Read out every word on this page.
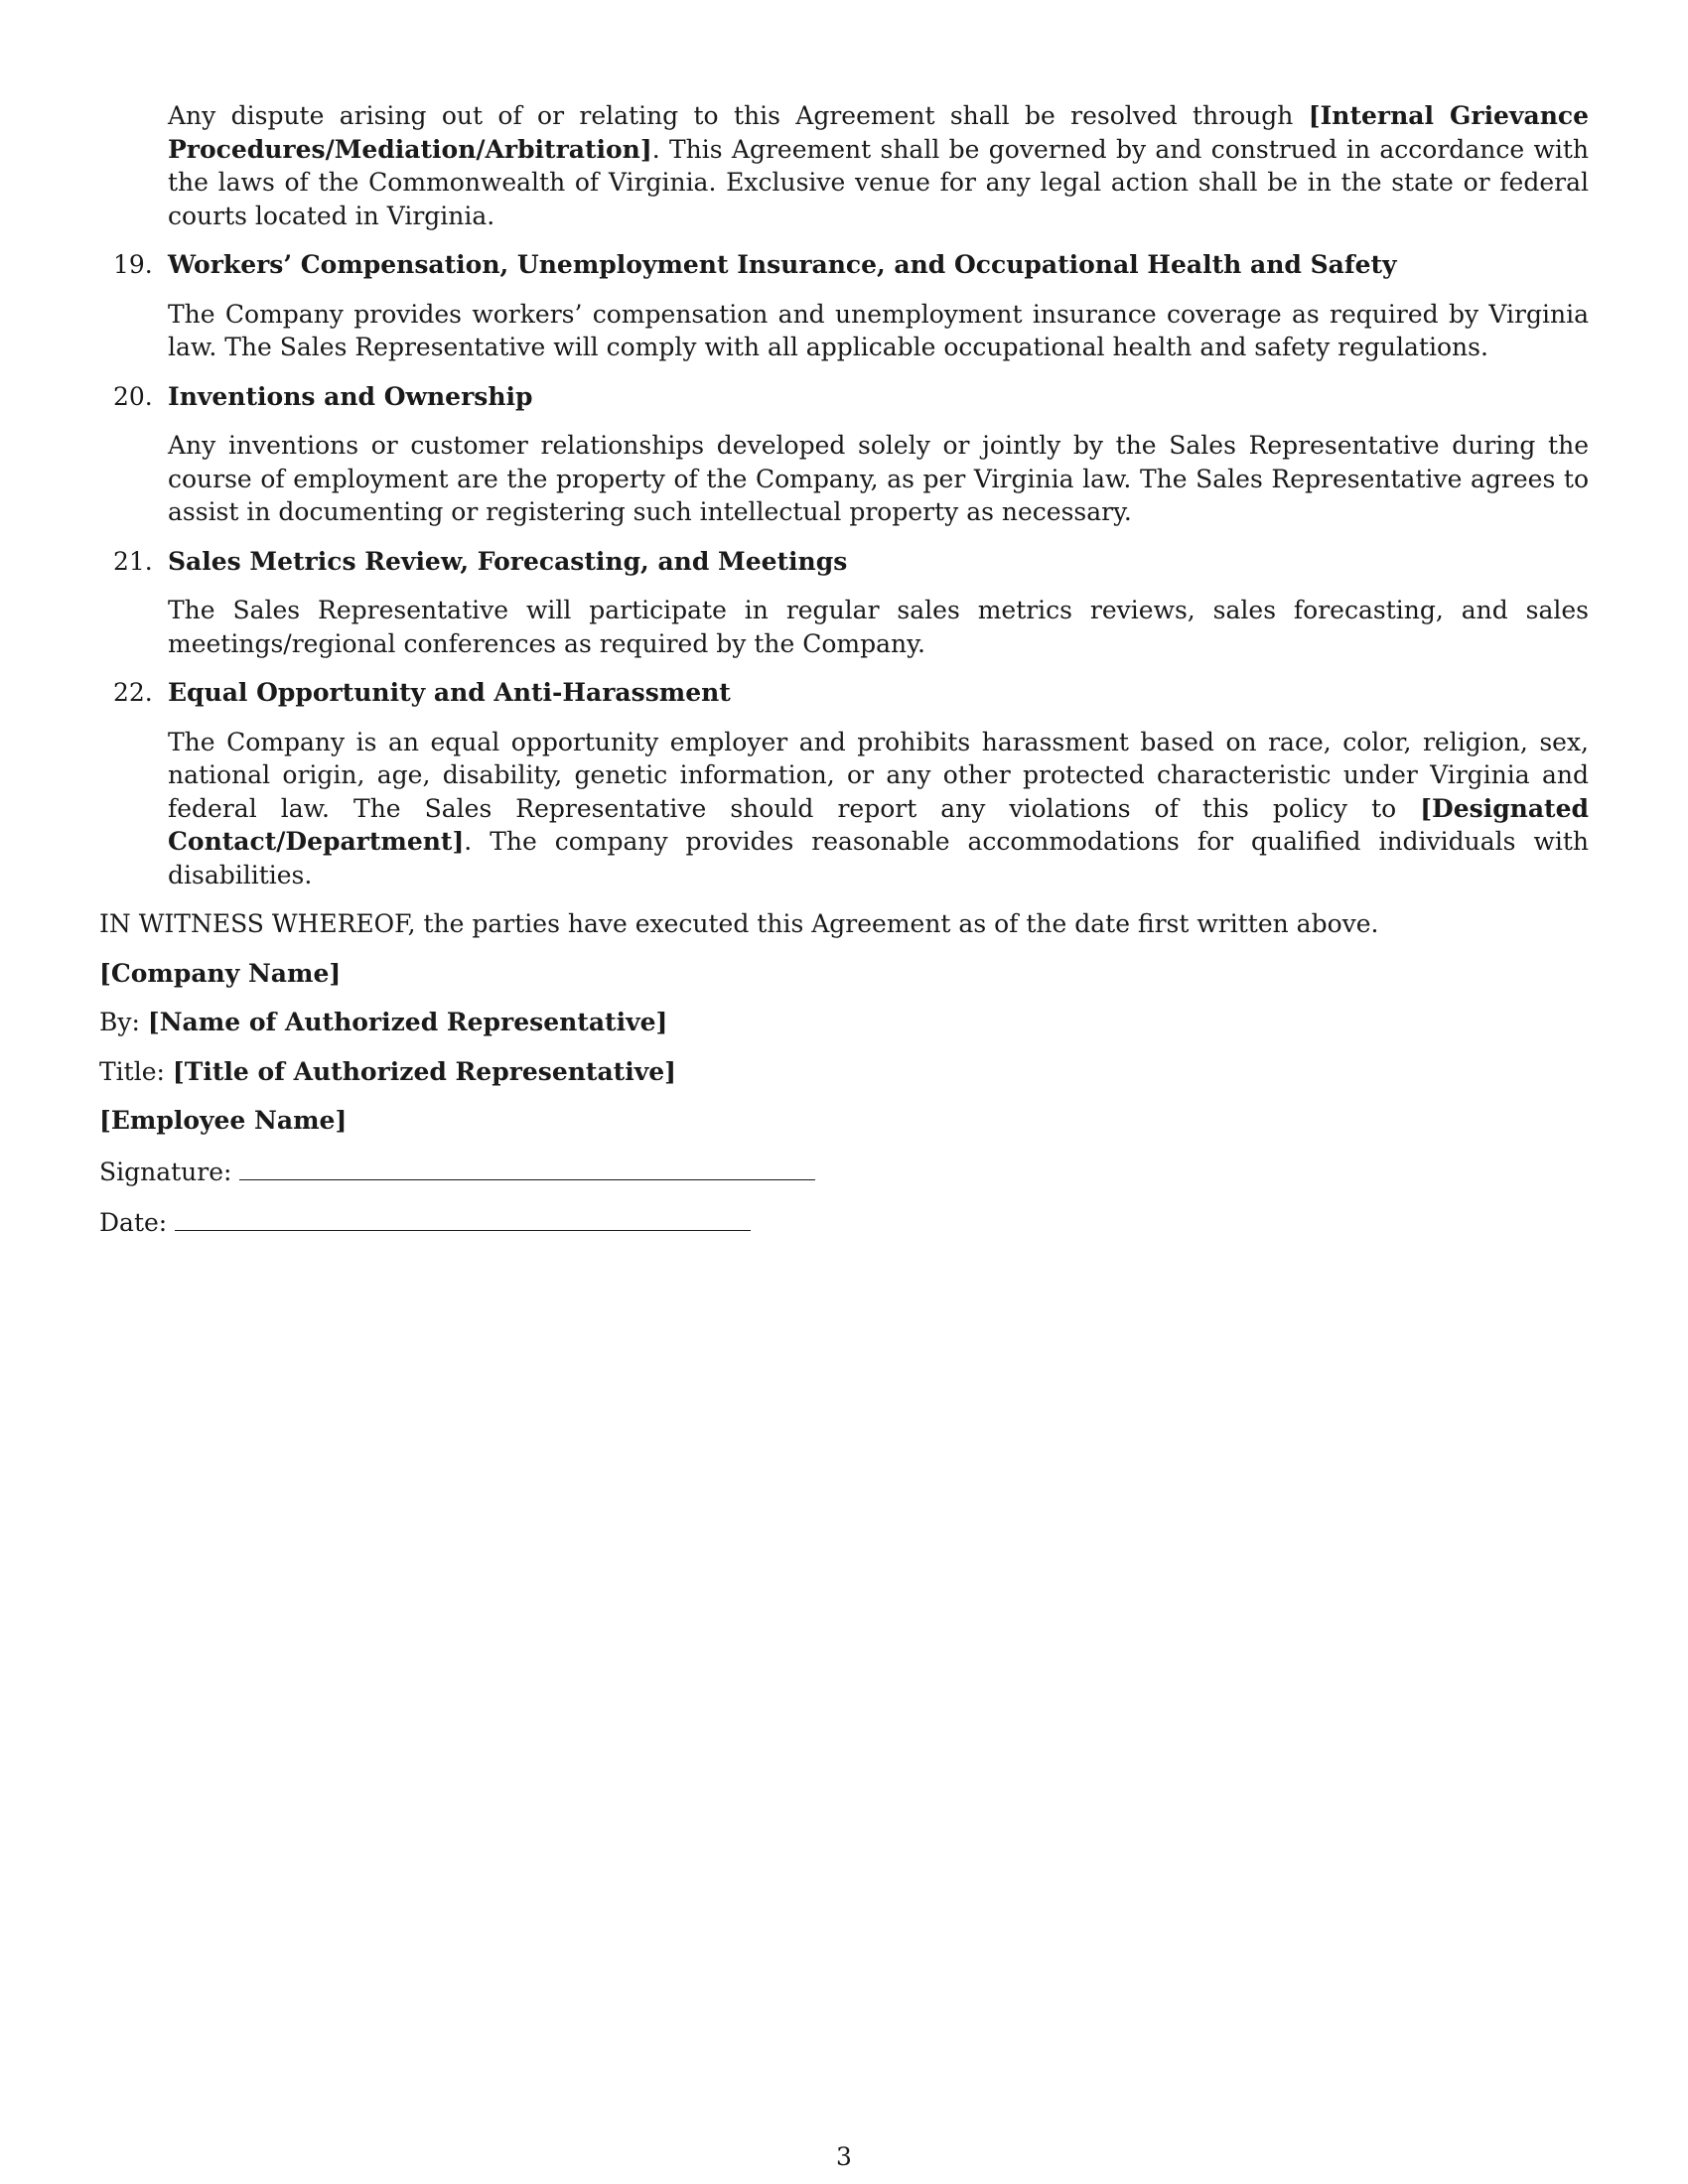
Any dispute arising out of or relating to this Agreement shall be resolved through [Internal Grievance Procedures/Mediation/Arbitration]. This Agreement shall be governed by and construed in accordance with the laws of the Commonwealth of Virginia. Exclusive venue for any legal action shall be in the state or federal courts located in Virginia.

19. Workers’ Compensation, Unemployment Insurance, and Occupational Health and Safety

The Company provides workers’ compensation and unemployment insurance coverage as required by Virginia law. The Sales Representative will comply with all applicable occupational health and safety regulations.

20. Inventions and Ownership

Any inventions or customer relationships developed solely or jointly by the Sales Representative during the course of employment are the property of the Company, as per Virginia law. The Sales Representative agrees to assist in documenting or registering such intellectual property as necessary.

21. Sales Metrics Review, Forecasting, and Meetings

The Sales Representative will participate in regular sales metrics reviews, sales forecasting, and sales meetings/regional conferences as required by the Company.

22. Equal Opportunity and Anti-Harassment

The Company is an equal opportunity employer and prohibits harassment based on race, color, religion, sex, national origin, age, disability, genetic information, or any other protected characteristic under Virginia and federal law. The Sales Representative should report any violations of this policy to [Designated Contact/Department]. The company provides reasonable accommodations for qualified individuals with disabilities.

IN WITNESS WHEREOF, the parties have executed this Agreement as of the date first written above.

[Company Name]

By: [Name of Authorized Representative]

Title: [Title of Authorized Representative]

[Employee Name]

Signature:

Date:

3
